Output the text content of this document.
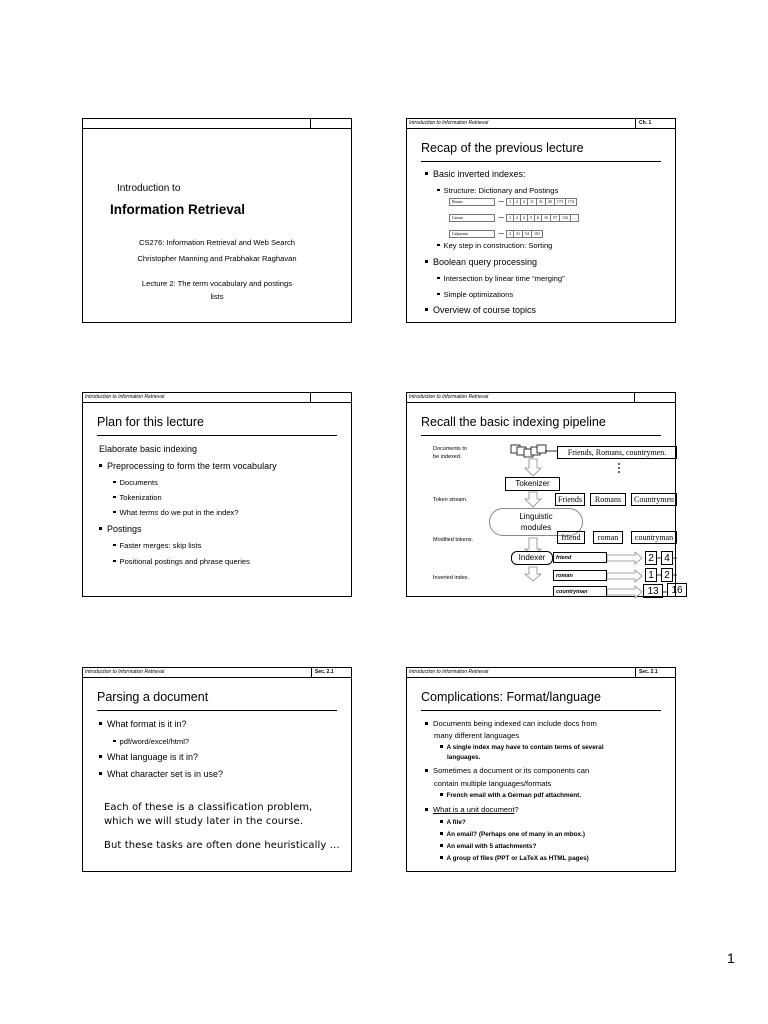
Introduction to
Information Retrieval
CS276: Information Retrieval and Web Search
Christopher Manning and Prabhakar Raghavan
Lecture 2: The term vocabulary and postings
lists
Introduction to Information Retrieval	Ch. 1
Recap of the previous lecture
Basic inverted indexes:
Structure: Dictionary and Postings
Brutus	⟶ 1 2 4 11 31 45 173 174
Caesar	⟶ 1 2 4 5 6 16 57 132 ...
Calpurnia	⟶ 2 31 54 101
Key step in construction: Sorting
Boolean query processing
Intersection by linear time “merging”
Simple optimizations
Overview of course topics
Introduction to Information Retrieval
Plan for this lecture
Elaborate basic indexing
Preprocessing to form the term vocabulary
Documents
Tokenization
What terms do we put in the index?
Postings
Faster merges: skip lists
Positional postings and phrase queries
Introduction to Information Retrieval
Recall the basic indexing pipeline
Documents to
be indexed.	Friends, Romans, countrymen.
Tokenizer
Token stream.	Friends	Romans	Countrymen
Linguistic
modules
Modified tokens.	friend	roman	countryman
Indexer
Inverted index.
friend
roman
countryman
2	4
1	2
13	16
Introduction to Information Retrieval	Sec. 2.1
Parsing a document
What format is it in?
pdf/word/excel/html?
What language is it in?
What character set is in use?
Each of these is a classification problem,
which we will study later in the course.
But these tasks are often done heuristically …
Introduction to Information Retrieval	Sec. 2.1
Complications: Format/language
Documents being indexed can include docs from
many different languages
A single index may have to contain terms of several
languages.
Sometimes a document or its components can
contain multiple languages/formats
French email with a German pdf attachment.
What is a unit document?
A file?
An email? (Perhaps one of many in an mbox.)
An email with 5 attachments?
A group of files (PPT or LaTeX as HTML pages)
1
